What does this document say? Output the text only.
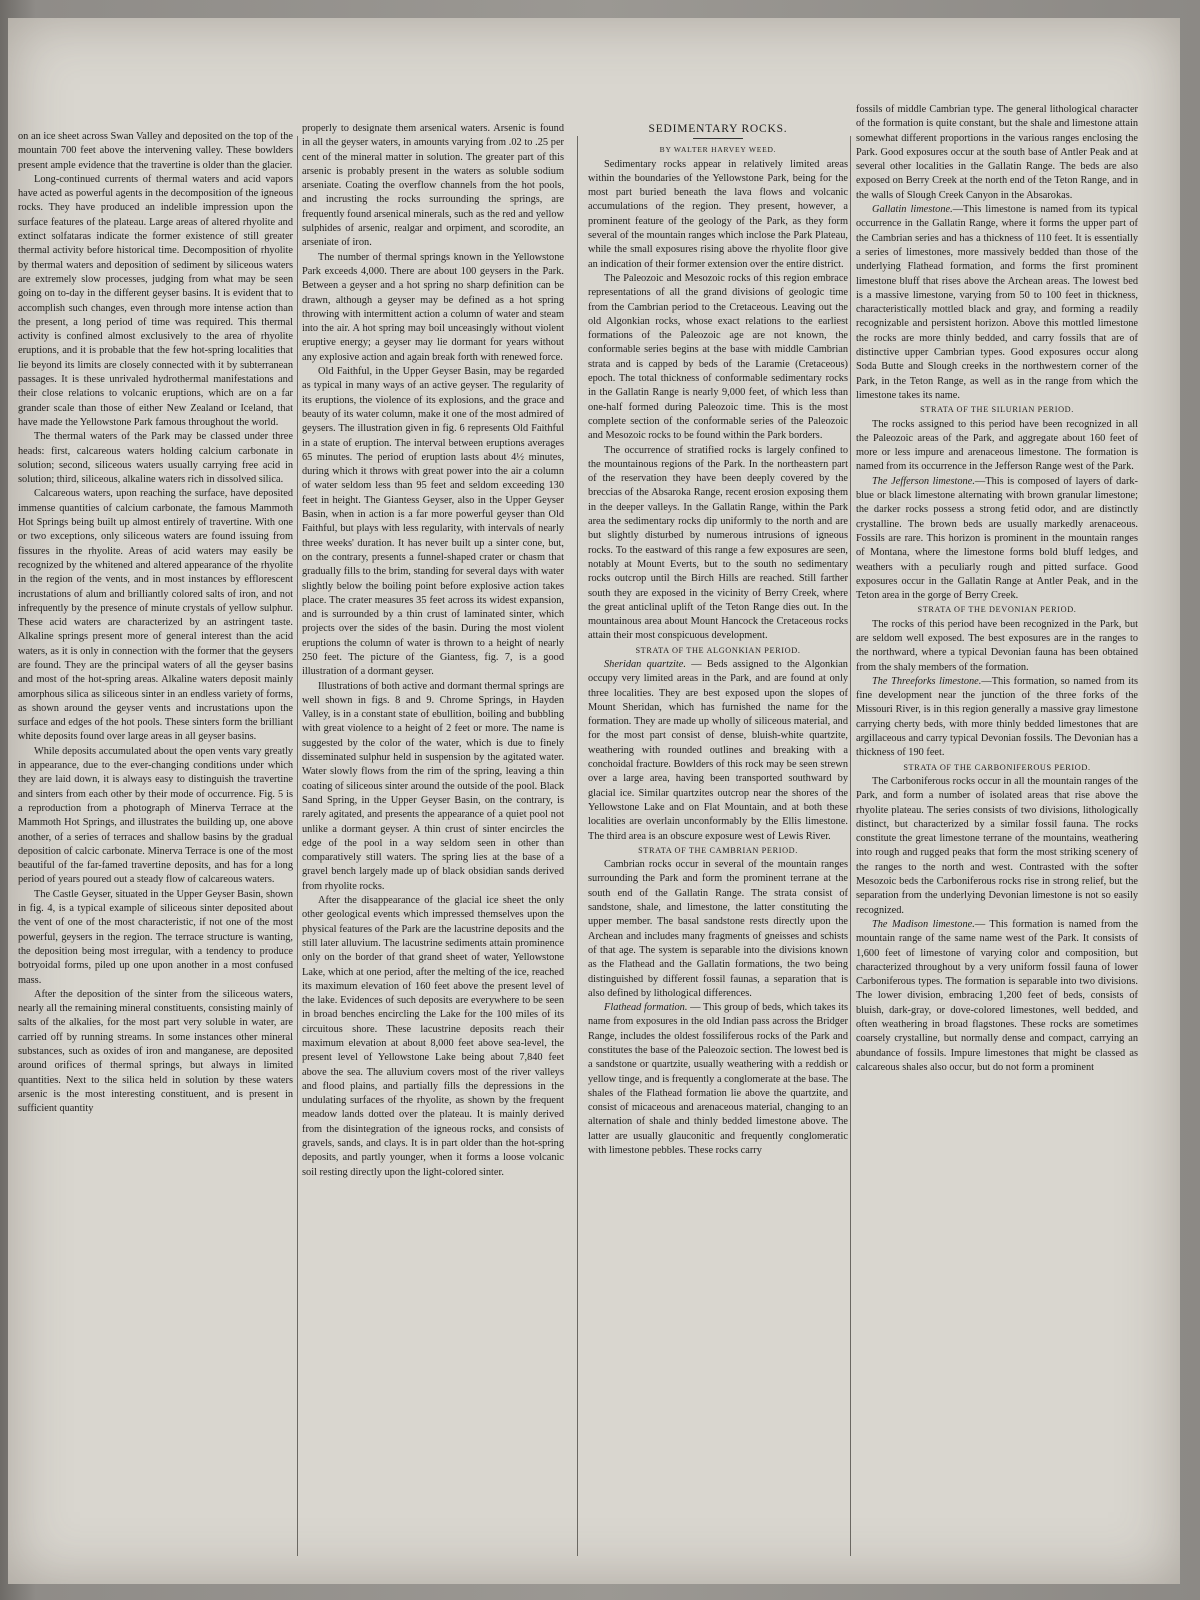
on an ice sheet across Swan Valley and deposited on the top of the mountain 700 feet above the intervening valley. These bowlders present ample evidence that the travertine is older than the glacier.

Long-continued currents of thermal waters and acid vapors have acted as powerful agents in the decomposition of the igneous rocks. They have produced an indelible impression upon the surface features of the plateau. Large areas of altered rhyolite and extinct solfataras indicate the former existence of still greater thermal activity before historical time. Decomposition of rhyolite by thermal waters and deposition of sediment by siliceous waters are extremely slow processes, judging from what may be seen going on to-day in the different geyser basins. It is evident that to accomplish such changes, even through more intense action than the present, a long period of time was required. This thermal activity is confined almost exclusively to the area of rhyolite eruptions, and it is probable that the few hot-spring localities that lie beyond its limits are closely connected with it by subterranean passages. It is these unrivaled hydrothermal manifestations and their close relations to volcanic eruptions, which are on a far grander scale than those of either New Zealand or Iceland, that have made the Yellowstone Park famous throughout the world.

The thermal waters of the Park may be classed under three heads: first, calcareous waters holding calcium carbonate in solution; second, siliceous waters usually carrying free acid in solution; third, siliceous, alkaline waters rich in dissolved silica.

Calcareous waters, upon reaching the surface, have deposited immense quantities of calcium carbonate, the famous Mammoth Hot Springs being built up almost entirely of travertine. With one or two exceptions, only siliceous waters are found issuing from fissures in the rhyolite. Areas of acid waters may easily be recognized by the whitened and altered appearance of the rhyolite in the region of the vents, and in most instances by efflorescent incrustations of alum and brilliantly colored salts of iron, and not infrequently by the presence of minute crystals of yellow sulphur. These acid waters are characterized by an astringent taste. Alkaline springs present more of general interest than the acid waters, as it is only in connection with the former that the geysers are found. They are the principal waters of all the geyser basins and most of the hot-spring areas. Alkaline waters deposit mainly amorphous silica as siliceous sinter in an endless variety of forms, as shown around the geyser vents and incrustations upon the surface and edges of the hot pools. These sinters form the brilliant white deposits found over large areas in all geyser basins.

While deposits accumulated about the open vents vary greatly in appearance, due to the ever-changing conditions under which they are laid down, it is always easy to distinguish the travertine and sinters from each other by their mode of occurrence. Fig. 5 is a reproduction from a photograph of Minerva Terrace at the Mammoth Hot Springs, and illustrates the building up, one above another, of a series of terraces and shallow basins by the gradual deposition of calcic carbonate. Minerva Terrace is one of the most beautiful of the far-famed travertine deposits, and has for a long period of years poured out a steady flow of calcareous waters.

The Castle Geyser, situated in the Upper Geyser Basin, shown in fig. 4, is a typical example of siliceous sinter deposited about the vent of one of the most characteristic, if not one of the most powerful, geysers in the region. The terrace structure is wanting, the deposition being most irregular, with a tendency to produce botryoidal forms, piled up one upon another in a most confused mass.

After the deposition of the sinter from the siliceous waters, nearly all the remaining mineral constituents, consisting mainly of salts of the alkalies, for the most part very soluble in water, are carried off by running streams. In some instances other mineral substances, such as oxides of iron and manganese, are deposited around orifices of thermal springs, but always in limited quantities. Next to the silica held in solution by these waters arsenic is the most interesting constituent, and is present in sufficient quantity

properly to designate them arsenical waters. Arsenic is found in all the geyser waters, in amounts varying from .02 to .25 per cent of the mineral matter in solution. The greater part of this arsenic is probably present in the waters as soluble sodium arseniate. Coating the overflow channels from the hot pools, and incrusting the rocks surrounding the springs, are frequently found arsenical minerals, such as the red and yellow sulphides of arsenic, realgar and orpiment, and scorodite, an arseniate of iron.

The number of thermal springs known in the Yellowstone Park exceeds 4,000. There are about 100 geysers in the Park. Between a geyser and a hot spring no sharp definition can be drawn, although a geyser may be defined as a hot spring throwing with intermittent action a column of water and steam into the air. A hot spring may boil unceasingly without violent eruptive energy; a geyser may lie dormant for years without any explosive action and again break forth with renewed force.

Old Faithful, in the Upper Geyser Basin, may be regarded as typical in many ways of an active geyser. The regularity of its eruptions, the violence of its explosions, and the grace and beauty of its water column, make it one of the most admired of geysers. The illustration given in fig. 6 represents Old Faithful in a state of eruption. The interval between eruptions averages 65 minutes. The period of eruption lasts about 4½ minutes, during which it throws with great power into the air a column of water seldom less than 95 feet and seldom exceeding 130 feet in height. The Giantess Geyser, also in the Upper Geyser Basin, when in action is a far more powerful geyser than Old Faithful, but plays with less regularity, with intervals of nearly three weeks' duration. It has never built up a sinter cone, but, on the contrary, presents a funnel-shaped crater or chasm that gradually fills to the brim, standing for several days with water slightly below the boiling point before explosive action takes place. The crater measures 35 feet across its widest expansion, and is surrounded by a thin crust of laminated sinter, which projects over the sides of the basin. During the most violent eruptions the column of water is thrown to a height of nearly 250 feet. The picture of the Giantess, fig. 7, is a good illustration of a dormant geyser.

Illustrations of both active and dormant thermal springs are well shown in figs. 8 and 9. Chrome Springs, in Hayden Valley, is in a constant state of ebullition, boiling and bubbling with great violence to a height of 2 feet or more. The name is suggested by the color of the water, which is due to finely disseminated sulphur held in suspension by the agitated water. Water slowly flows from the rim of the spring, leaving a thin coating of siliceous sinter around the outside of the pool. Black Sand Spring, in the Upper Geyser Basin, on the contrary, is rarely agitated, and presents the appearance of a quiet pool not unlike a dormant geyser. A thin crust of sinter encircles the edge of the pool in a way seldom seen in other than comparatively still waters. The spring lies at the base of a gravel bench largely made up of black obsidian sands derived from rhyolite rocks.

After the disappearance of the glacial ice sheet the only other geological events which impressed themselves upon the physical features of the Park are the lacustrine deposits and the still later alluvium. The lacustrine sediments attain prominence only on the border of that grand sheet of water, Yellowstone Lake, which at one period, after the melting of the ice, reached its maximum elevation of 160 feet above the present level of the lake. Evidences of such deposits are everywhere to be seen in broad benches encircling the Lake for the 100 miles of its circuitous shore. These lacustrine deposits reach their maximum elevation at about 8,000 feet above sea-level, the present level of Yellowstone Lake being about 7,840 feet above the sea. The alluvium covers most of the river valleys and flood plains, and partially fills the depressions in the undulating surfaces of the rhyolite, as shown by the frequent meadow lands dotted over the plateau. It is mainly derived from the disintegration of the igneous rocks, and consists of gravels, sands, and clays. It is in part older than the hot-spring deposits, and partly younger, when it forms a loose volcanic soil resting directly upon the light-colored sinter.

SEDIMENTARY ROCKS.

BY WALTER HARVEY WEED.

Sedimentary rocks appear in relatively limited areas within the boundaries of the Yellowstone Park, being for the most part buried beneath the lava flows and volcanic accumulations of the region. They present, however, a prominent feature of the geology of the Park, as they form several of the mountain ranges which inclose the Park Plateau, while the small exposures rising above the rhyolite floor give an indication of their former extension over the entire district.

The Paleozoic and Mesozoic rocks of this region embrace representations of all the grand divisions of geologic time from the Cambrian period to the Cretaceous. Leaving out the old Algonkian rocks, whose exact relations to the earliest formations of the Paleozoic age are not known, the conformable series begins at the base with middle Cambrian strata and is capped by beds of the Laramie (Cretaceous) epoch. The total thickness of conformable sedimentary rocks in the Gallatin Range is nearly 9,000 feet, of which less than one-half formed during Paleozoic time. This is the most complete section of the conformable series of the Paleozoic and Mesozoic rocks to be found within the Park borders.

The occurrence of stratified rocks is largely confined to the mountainous regions of the Park. In the northeastern part of the reservation they have been deeply covered by the breccias of the Absaroka Range, recent erosion exposing them in the deeper valleys. In the Gallatin Range, within the Park area the sedimentary rocks dip uniformly to the north and are but slightly disturbed by numerous intrusions of igneous rocks. To the eastward of this range a few exposures are seen, notably at Mount Everts, but to the south no sedimentary rocks outcrop until the Birch Hills are reached. Still farther south they are exposed in the vicinity of Berry Creek, where the great anticlinal uplift of the Teton Range dies out. In the mountainous area about Mount Hancock the Cretaceous rocks attain their most conspicuous development.

STRATA OF THE ALGONKIAN PERIOD.

Sheridan quartzite. — Beds assigned to the Algonkian occupy very limited areas in the Park, and are found at only three localities. They are best exposed upon the slopes of Mount Sheridan, which has furnished the name for the formation. They are made up wholly of siliceous material, and for the most part consist of dense, bluish-white quartzite, weathering with rounded outlines and breaking with a conchoidal fracture. Bowlders of this rock may be seen strewn over a large area, having been transported southward by glacial ice. Similar quartzites outcrop near the shores of the Yellowstone Lake and on Flat Mountain, and at both these localities are overlain unconformably by the Ellis limestone. The third area is an obscure exposure west of Lewis River.

STRATA OF THE CAMBRIAN PERIOD.

Cambrian rocks occur in several of the mountain ranges surrounding the Park and form the prominent terrane at the south end of the Gallatin Range. The strata consist of sandstone, shale, and limestone, the latter constituting the upper member. The basal sandstone rests directly upon the Archean and includes many fragments of gneisses and schists of that age. The system is separable into the divisions known as the Flathead and the Gallatin formations, the two being distinguished by different fossil faunas, a separation that is also defined by lithological differences.

Flathead formation. — This group of beds, which takes its name from exposures in the old Indian pass across the Bridger Range, includes the oldest fossiliferous rocks of the Park and constitutes the base of the Paleozoic section. The lowest bed is a sandstone or quartzite, usually weathering with a reddish or yellow tinge, and is frequently a conglomerate at the base. The shales of the Flathead formation lie above the quartzite, and consist of micaceous and arenaceous material, changing to an alternation of shale and thinly bedded limestone above. The latter are usually glauconitic and frequently conglomeratic with limestone pebbles. These rocks carry

fossils of middle Cambrian type. The general lithological character of the formation is quite constant, but the shale and limestone attain somewhat different proportions in the various ranges enclosing the Park. Good exposures occur at the south base of Antler Peak and at several other localities in the Gallatin Range. The beds are also exposed on Berry Creek at the north end of the Teton Range, and in the walls of Slough Creek Canyon in the Absarokas.

Gallatin limestone.—This limestone is named from its typical occurrence in the Gallatin Range, where it forms the upper part of the Cambrian series and has a thickness of 110 feet. It is essentially a series of limestones, more massively bedded than those of the underlying Flathead formation, and forms the first prominent limestone bluff that rises above the Archean areas. The lowest bed is a massive limestone, varying from 50 to 100 feet in thickness, characteristically mottled black and gray, and forming a readily recognizable and persistent horizon. Above this mottled limestone the rocks are more thinly bedded, and carry fossils that are of distinctive upper Cambrian types. Good exposures occur along Soda Butte and Slough creeks in the northwestern corner of the Park, in the Teton Range, as well as in the range from which the limestone takes its name.

STRATA OF THE SILURIAN PERIOD.

The rocks assigned to this period have been recognized in all the Paleozoic areas of the Park, and aggregate about 160 feet of more or less impure and arenaceous limestone. The formation is named from its occurrence in the Jefferson Range west of the Park.

The Jefferson limestone.—This is composed of layers of dark-blue or black limestone alternating with brown granular limestone; the darker rocks possess a strong fetid odor, and are distinctly crystalline. The brown beds are usually markedly arenaceous. Fossils are rare. This horizon is prominent in the mountain ranges of Montana, where the limestone forms bold bluff ledges, and weathers with a peculiarly rough and pitted surface. Good exposures occur in the Gallatin Range at Antler Peak, and in the Teton area in the gorge of Berry Creek.

STRATA OF THE DEVONIAN PERIOD.

The rocks of this period have been recognized in the Park, but are seldom well exposed. The best exposures are in the ranges to the northward, where a typical Devonian fauna has been obtained from the shaly members of the formation.

The Threeforks limestone.—This formation, so named from its fine development near the junction of the three forks of the Missouri River, is in this region generally a massive gray limestone carrying cherty beds, with more thinly bedded limestones that are argillaceous and carry typical Devonian fossils. The Devonian has a thickness of 190 feet.

STRATA OF THE CARBONIFEROUS PERIOD.

The Carboniferous rocks occur in all the mountain ranges of the Park, and form a number of isolated areas that rise above the rhyolite plateau. The series consists of two divisions, lithologically distinct, but characterized by a similar fossil fauna. The rocks constitute the great limestone terrane of the mountains, weathering into rough and rugged peaks that form the most striking scenery of the ranges to the north and west. Contrasted with the softer Mesozoic beds the Carboniferous rocks rise in strong relief, but the separation from the underlying Devonian limestone is not so easily recognized.

The Madison limestone.— This formation is named from the mountain range of the same name west of the Park. It consists of 1,600 feet of limestone of varying color and composition, but characterized throughout by a very uniform fossil fauna of lower Carboniferous types. The formation is separable into two divisions. The lower division, embracing 1,200 feet of beds, consists of bluish, dark-gray, or dove-colored limestones, well bedded, and often weathering in broad flagstones. These rocks are sometimes coarsely crystalline, but normally dense and compact, carrying an abundance of fossils. Impure limestones that might be classed as calcareous shales also occur, but do not form a prominent
